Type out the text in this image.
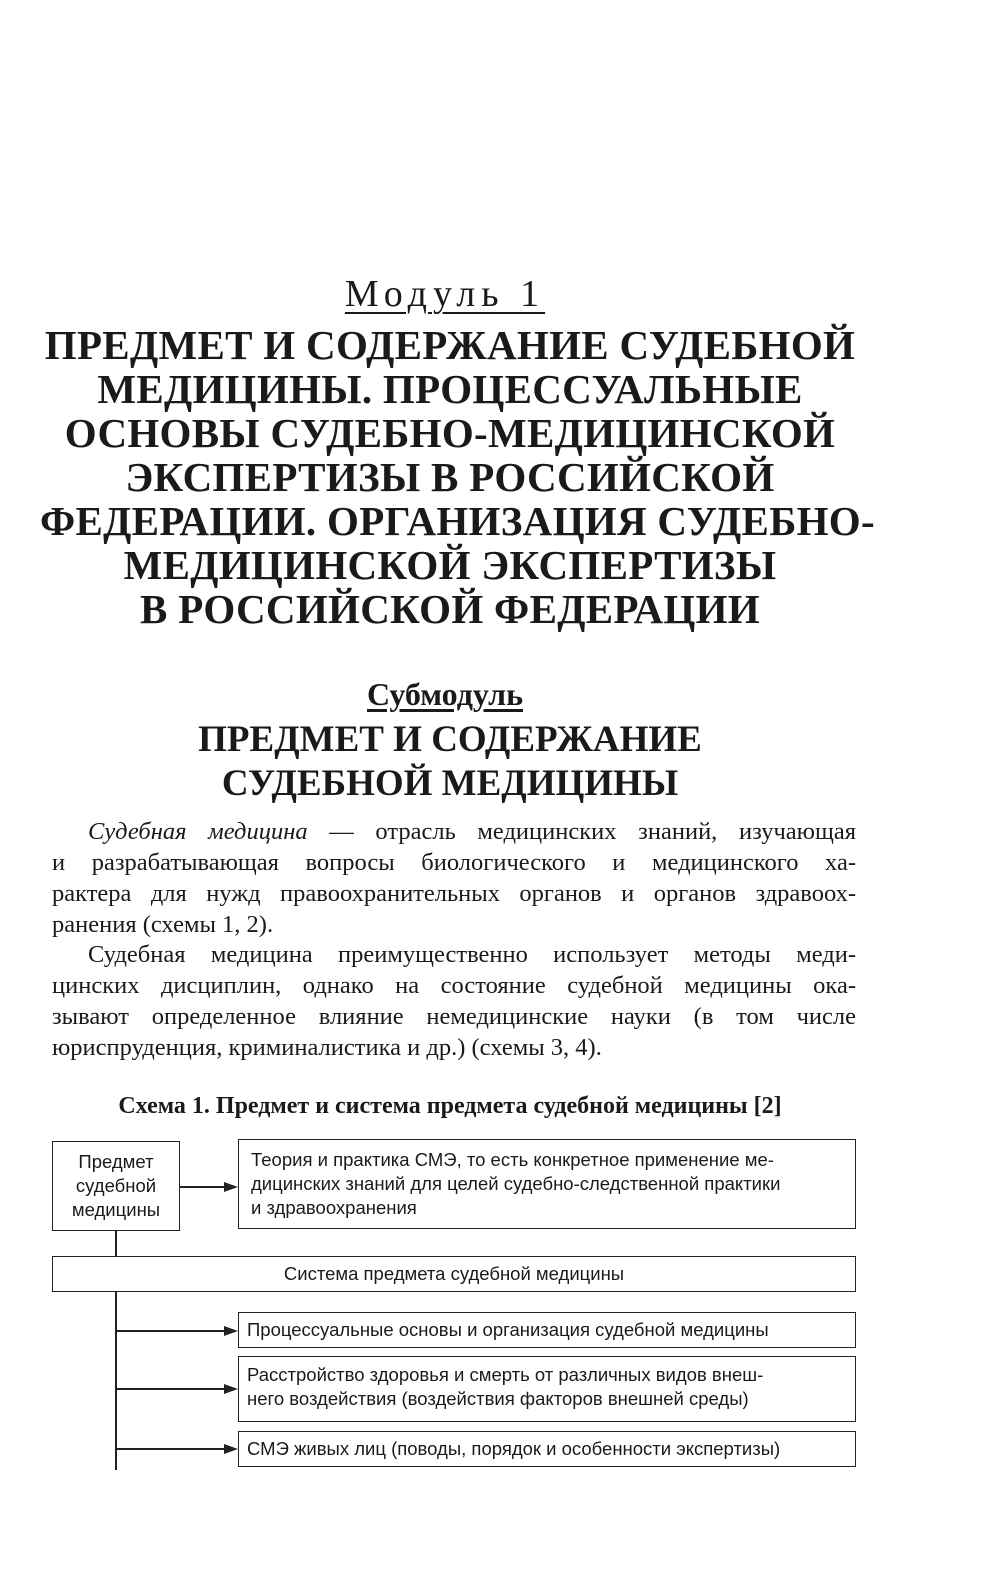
Модуль 1
ПРЕДМЕТ И СОДЕРЖАНИЕ СУДЕБНОЙ
МЕДИЦИНЫ. ПРОЦЕССУАЛЬНЫЕ
ОСНОВЫ СУДЕБНО-МЕДИЦИНСКОЙ
ЭКСПЕРТИЗЫ В РОССИЙСКОЙ
ФЕДЕРАЦИИ. ОРГАНИЗАЦИЯ СУДЕБНО-
МЕДИЦИНСКОЙ ЭКСПЕРТИЗЫ
В РОССИЙСКОЙ ФЕДЕРАЦИИ
Субмодуль
ПРЕДМЕТ И СОДЕРЖАНИЕ
СУДЕБНОЙ МЕДИЦИНЫ

Судебная медицина — отрасль медицинских знаний, изучающая
и разрабатывающая вопросы биологического и медицинского ха-
рактера для нужд правоохранительных органов и органов здравоох-
ранения (схемы 1, 2).

Судебная медицина преимущественно использует методы меди-
цинских дисциплин, однако на состояние судебной медицины ока-
зывают определенное влияние немедицинские науки (в том числе
юриспруденция, криминалистика и др.) (схемы 3, 4).

Схема 1. Предмет и система предмета судебной медицины [2]
Предмет
судебной
медицины
Теория и практика СМЭ, то есть конкретное применение ме-
дицинских знаний для целей судебно-следственной практики
и здравоохранения
Система предмета судебной медицины
Процессуальные основы и организация судебной медицины
Расстройство здоровья и смерть от различных видов внеш-
него воздействия (воздействия факторов внешней среды)
СМЭ живых лиц (поводы, порядок и особенности экспертизы)
